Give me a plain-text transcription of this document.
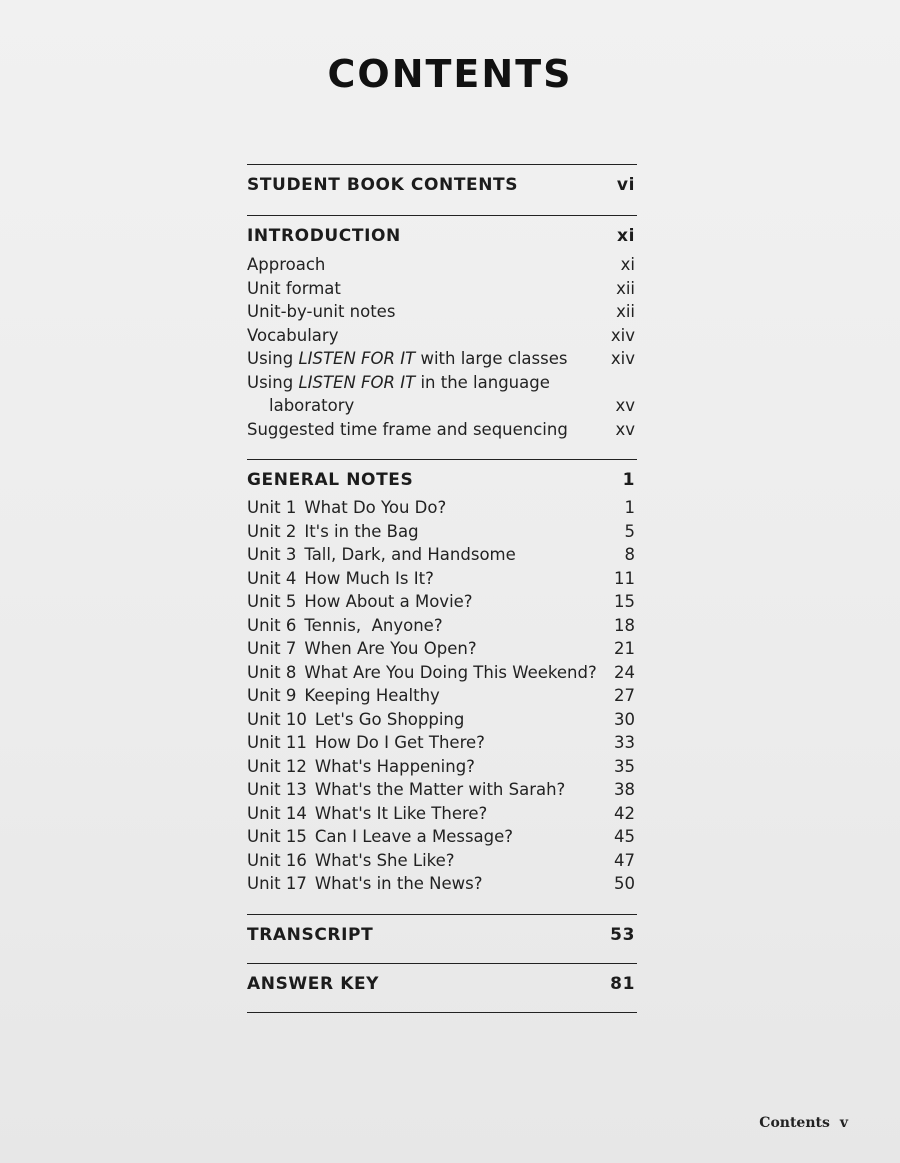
CONTENTS
STUDENT BOOK CONTENTS	vi
INTRODUCTION	xi
Approach	xi
Unit format	xii
Unit-by-unit notes	xii
Vocabulary	xiv
Using LISTEN FOR IT with large classes	xiv
Using LISTEN FOR IT in the language
laboratory	xv
Suggested time frame and sequencing	xv
GENERAL NOTES	1
Unit 1 What Do You Do?	1
Unit 2 It's in the Bag	5
Unit 3 Tall, Dark, and Handsome	8
Unit 4 How Much Is It?	11
Unit 5 How About a Movie?	15
Unit 6 Tennis,  Anyone?	18
Unit 7 When Are You Open?	21
Unit 8 What Are You Doing This Weekend? 24
Unit 9 Keeping Healthy	27
Unit 10 Let's Go Shopping	30
Unit 11 How Do I Get There?	33
Unit 12 What's Happening?	35
Unit 13 What's the Matter with Sarah?	38
Unit 14 What's It Like There?	42
Unit 15 Can I Leave a Message?	45
Unit 16 What's She Like?	47
Unit 17 What's in the News?	50
TRANSCRIPT	53
ANSWER KEY	81
Contents v
